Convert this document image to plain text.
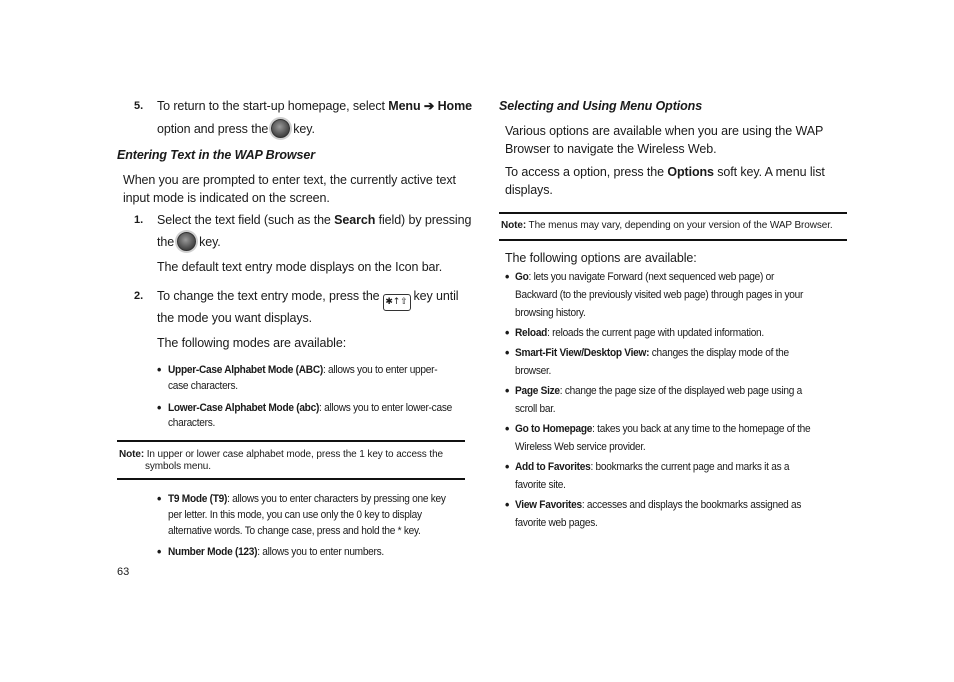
5. To return to the start-up homepage, select Menu ➔ Home
option and press the key.
Entering Text in the WAP Browser
When you are prompted to enter text, the currently active text
input mode is indicated on the screen.
1. Select the text field (such as the Search field) by pressing
the key.
The default text entry mode displays on the Icon bar.
2. To change the text entry mode, press the ✱↑⇧ key until
the mode you want displays.
The following modes are available:
• Upper-Case Alphabet Mode (ABC): allows you to enter upper-
case characters.
• Lower-Case Alphabet Mode (abc): allows you to enter lower-case
characters.
Note: In upper or lower case alphabet mode, press the 1 key to access the
symbols menu.
• T9 Mode (T9): allows you to enter characters by pressing one key
per letter. In this mode, you can use only the 0 key to display
alternative words. To change case, press and hold the * key.
• Number Mode (123): allows you to enter numbers.
63
Selecting and Using Menu Options
Various options are available when you are using the WAP
Browser to navigate the Wireless Web.
To access a option, press the Options soft key. A menu list
displays.
Note: The menus may vary, depending on your version of the WAP Browser.
The following options are available:
• Go: lets you navigate Forward (next sequenced web page) or
Backward (to the previously visited web page) through pages in your
browsing history.
• Reload: reloads the current page with updated information.
• Smart-Fit View/Desktop View: changes the display mode of the
browser.
• Page Size: change the page size of the displayed web page using a
scroll bar.
• Go to Homepage: takes you back at any time to the homepage of the
Wireless Web service provider.
• Add to Favorites: bookmarks the current page and marks it as a
favorite site.
• View Favorites: accesses and displays the bookmarks assigned as
favorite web pages.
